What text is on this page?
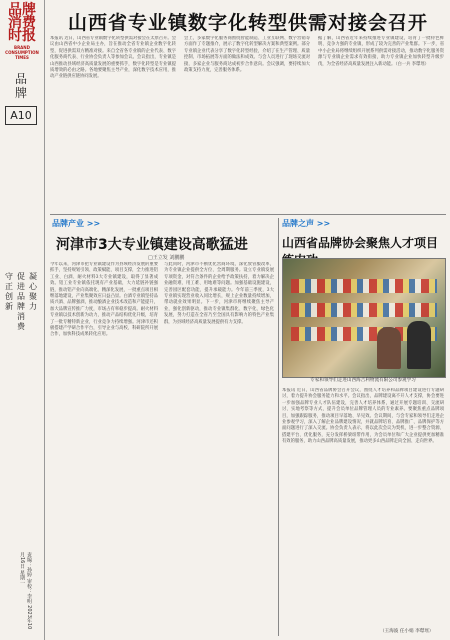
品牌
消费
时报
BRAND CONSUMPTION TIMES
品
牌
A10
守正创新
促进品牌消费
凝心聚力
责编：孙婷 审校：李明 2023年10月16日 星期一
山西省专业镇数字化转型供需对接会召开
本报讯 近日，山西省专业镇数字化转型供需对接会在太原召开。会议由山西省中小企业局主办，旨在推动全省专业镇企业数字化转型，促进供需双方精准对接。来自全省各专业镇的企业代表、数字化服务商代表、行业协会负责人等参加会议。会议指出，专业镇是山西推动县域经济高质量发展的重要抓手，数字化转型是专业镇提质增效的必由之路。各地要聚焦主导产业，深化数字技术应用，推动产业链供应链协同发展。
会上，多家数字化服务商围绕智能制造、工业互联网、数字营销等方面作了专题推介，展示了数字化转型解决方案和典型案例。部分专业镇企业代表分享了数字化转型经验，介绍了在生产管理、质量控制、市场拓展等方面的做法和成效。与会人员进行了现场交流对接，多家企业与服务商达成初步合作意向。会议强调，要持续加大政策支持力度，完善服务体系。
据了解，山西省近年来持续推进专业镇建设，培育了一批特色鲜明、竞争力强的专业镇，形成了较为完善的产业集群。下一步，省中小企业局将继续组织开展系列供需对接活动，推动数字化服务资源与专业镇企业需求有效衔接，助力专业镇企业加快转型升级步伐，为全省经济高质量发展注入新动能。（白一兵 李璟瑶）
品牌产业 >>
河津市3大专业镇建设高歌猛进
□王立发 刘鹏鹏
今年以来，河津市把专业镇建设作为县域经济发展的重要抓手，坚持规划引领、政策赋能、项目支撑，全力推进铝工业、白酒、耐火材料3大专业镇建设，取得了显著成效。铝工业专业镇依托现有产业基础，大力延链补链强链，推动铝产业向高端化、精深化发展，一批重点项目相继落地建设，产业集聚效应日益凸显。白酒专业镇坚持品质兴酒、品牌强酒，推动酿酒企业技术改造和产能提升，加大品牌宣传推广力度，市场占有率稳步提高。耐火材料专业镇以技术创新为动力，推动产品结构优化升级，培育了一批专精特新企业，行业竞争力持续增强。河津市还积极搭建产学研合作平台，引导企业与高校、科研院所开展合作，加快科技成果转化应用。
与此同时，河津市不断优化营商环境，深化放管服改革，为专业镇企业提供全方位、全周期服务。设立专业镇发展专项资金，对符合条件的企业给予政策扶持，着力解决企业融资难、用工难、用地难等问题。加强基础设施建设，完善园区配套功能，提升承载能力。今年前三季度，3大专业镇实现营业收入同比增长，规上企业数量持续增加，带动就业效果明显。下一步，河津市将继续聚焦主导产业，强化创新驱动，推动专业镇集群化、数字化、绿色化发展，努力打造在全省乃至全国具有影响力的特色产业集群，为县域经济高质量发展提供有力支撑。
品牌之声 >>
山西省品牌协会聚焦人才项目
专家和领导们走进山西海吉利物流有限公司参观学习
本报讯 近日，山西省品牌协会召开会议，围绕人才培养和品牌项目建设进行专题研讨，着力提升协会服务能力和水平。会议指出，品牌建设离不开人才支撑，协会要进一步加强品牌专业人才队伍建设，完善人才培养体系，通过开展专题培训、交流研讨、实地考察等方式，提升会员单位品牌管理人员的专业素养。要聚焦重点品牌项目，加强跟踪服务，推动项目早落地、早见效。会议期间，与会专家和领导们走进企业参观学习，深入了解企业品牌建设情况，并就品牌培育、品牌推广、品牌保护等方面问题进行了深入交流。协会负责人表示，将以此次会议为契机，进一步整合资源、搭建平台、优化服务，充分发挥桥梁纽带作用，为会员单位和广大企业提供更加精准有效的服务，助力山西品牌高质量发展，推动更多山西品牌走向全国、走向世界。
（王海波 任小娟 李璟瑶）
